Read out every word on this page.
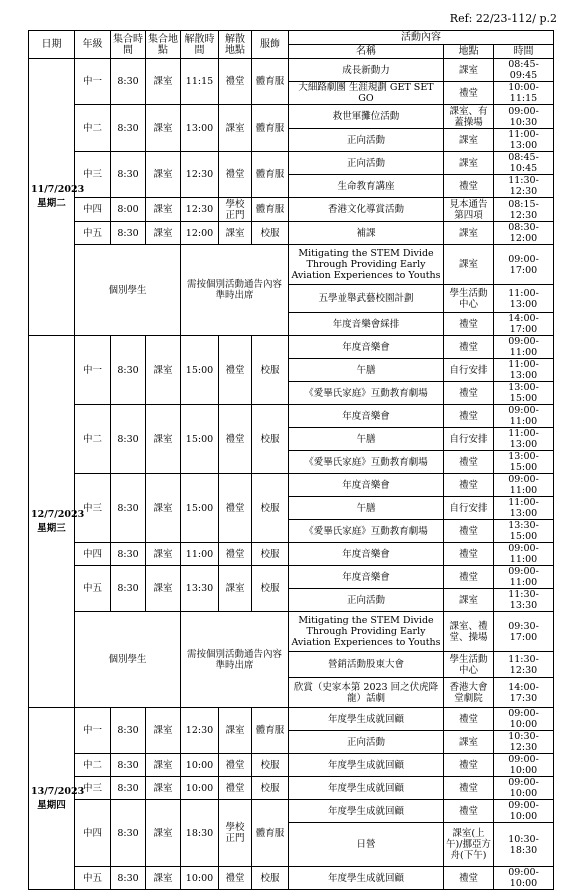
Ref: 22/23-112/ p.2
日期	年級	集合時間	集合地點	解散時間	解散地點	服飾	活動內容		
							名稱	地點	時間

11/7/2023
星期二	中一	8:30	課室	11:15	禮堂	體育服	成長新動力	課室	08:45-09:45
							大細路劇團 生涯規劃 GET SET GO	禮堂	10:00-11:15
	中二	8:30	課室	13:00	課室	體育服	救世軍攤位活動	課室、有蓋操場	09:00-10:30
							正向活動	課室	11:00-13:00
	中三	8:30	課室	12:30	禮堂	體育服	正向活動	課室	08:45-10:45
							生命教育講座	禮堂	11:30-12:30
	中四	8:00	課室	12:30	學校正門	體育服	香港文化導賞活動	見本通告第四項	08:15-12:30
	中五	8:30	課室	12:00	課室	校服	補課	課室	08:30-12:00
	個別學生			需按個別活動通告內容準時出席			Mitigating the STEM Divide Through Providing Early Aviation Experiences to Youths	課室	09:00-17:00
							五學並舉武藝校園計劃	學生活動中心	11:00-13:00
							年度音樂會綵排	禮堂	14:00-17:00

12/7/2023
星期三	中一	8:30	課室	15:00	禮堂	校服	年度音樂會	禮堂	09:00-11:00
							午膳	自行安排	11:00-13:00
							《愛畢氏家庭》互動教育劇場	禮堂	13:00-15:00
	中二	8:30	課室	15:00	禮堂	校服	年度音樂會	禮堂	09:00-11:00
							午膳	自行安排	11:00-13:00
							《愛畢氏家庭》互動教育劇場	禮堂	13:00-15:00
	中三	8:30	課室	15:00	禮堂	校服	年度音樂會	禮堂	09:00-11:00
							午膳	自行安排	11:00-13:00
							《愛畢氏家庭》互動教育劇場	禮堂	13:30-15:00
	中四	8:30	課室	11:00	禮堂	校服	年度音樂會	禮堂	09:00-11:00
	中五	8:30	課室	13:30	課室	校服	年度音樂會	禮堂	09:00-11:00
							正向活動	課室	11:30-13:30
	個別學生			需按個別活動通告內容準時出席			Mitigating the STEM Divide Through Providing Early Aviation Experiences to Youths	課室、禮堂、操場	09:30-17:00
							營銷活動股東大會	學生活動中心	11:30-12:30
							欣賞（史家本第 2023 回之伏虎降龍）話劇	香港大會堂劇院	14:00-17:30

13/7/2023
星期四	中一	8:30	課室	12:30	課室	體育服	年度學生成就回顧	禮堂	09:00-10:00
							正向活動	課室	10:30-12:30
	中二	8:30	課室	10:00	禮堂	校服	年度學生成就回顧	禮堂	09:00-10:00
	中三	8:30	課室	10:00	禮堂	校服	年度學生成就回顧	禮堂	09:00-10:00
	中四	8:30	課室	18:30	學校正門	體育服	年度學生成就回顧	禮堂	09:00-10:00
							日營	課室(上午)/挪亞方舟(下午)	10:30-18:30
	中五	8:30	課室	10:00	禮堂	校服	年度學生成就回顧	禮堂	09:00-10:00
